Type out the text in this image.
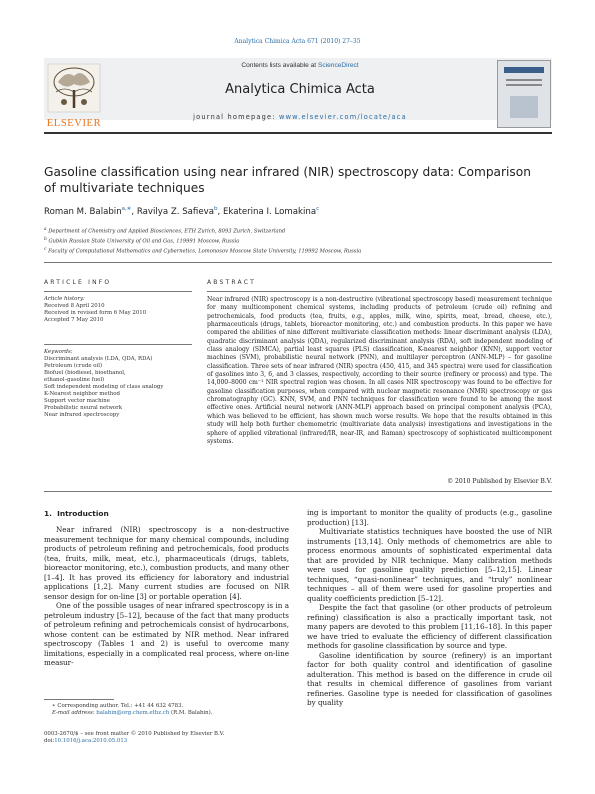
Analytica Chimica Acta 671 (2010) 27–35
ELSEVIER
Contents lists available at ScienceDirect
Analytica Chimica Acta
journal homepage: www.elsevier.com/locate/aca
Gasoline classification using near infrared (NIR) spectroscopy data: Comparison of multivariate techniques
Roman M. Balabin$^{a,∗}$, Ravilya Z. Safieva$^b$, Ekaterina I. Lomakina$^c$
$^a$ Department of Chemistry and Applied Biosciences, ETH Zurich, 8093 Zurich, Switzerland
$^b$ Gubkin Russian State University of Oil and Gas, 119991 Moscow, Russia
$^c$ Faculty of Computational Mathematics and Cybernetics, Lomonosov Moscow State University, 119992 Moscow, Russia
ARTICLE INFO
Article history:
Received 8 April 2010
Received in revised form 6 May 2010
Accepted 7 May 2010
Keywords:
Discriminant analysis (LDA, QDA, RDA)
Petroleum (crude oil)
Biofuel (biodiesel, bioethanol,
ethanol–gasoline fuel)
Soft independent modeling of class analogy
K-Nearest neighbor method
Support vector machine
Probabilistic neural network
Near infrared spectroscopy
ABSTRACT
Near infrared (NIR) spectroscopy is a non-destructive (vibrational spectroscopy based) measurement technique for many multicomponent chemical systems, including products of petroleum (crude oil) refining and petrochemicals, food products (tea, fruits, e.g., apples, milk, wine, spirits, meat, bread, cheese, etc.), pharmaceuticals (drugs, tablets, bioreactor monitoring, etc.) and combustion products. In this paper we have compared the abilities of nine different multivariate classification methods: linear discriminant analysis (LDA), quadratic discriminant analysis (QDA), regularized discriminant analysis (RDA), soft independent modeling of class analogy (SIMCA), partial least squares (PLS) classification, K-nearest neighbor (KNN), support vector machines (SVM), probabilistic neural network (PNN), and multilayer perceptron (ANN-MLP) – for gasoline classification. Three sets of near infrared (NIR) spectra (450, 415, and 345 spectra) were used for classification of gasolines into 3, 6, and 3 classes, respectively, according to their source (refinery or process) and type. The 14,000–8000 cm⁻¹ NIR spectral region was chosen. In all cases NIR spectroscopy was found to be effective for gasoline classification purposes, when compared with nuclear magnetic resonance (NMR) spectroscopy or gas chromatography (GC). KNN, SVM, and PNN techniques for classification were found to be among the most effective ones. Artificial neural network (ANN-MLP) approach based on principal component analysis (PCA), which was believed to be efficient, has shown much worse results. We hope that the results obtained in this study will help both further chemometric (multivariate data analysis) investigations and investigations in the sphere of applied vibrational (infrared/IR, near-IR, and Raman) spectroscopy of sophisticated multicomponent systems.
© 2010 Published by Elsevier B.V.
1.  Introduction

Near infrared (NIR) spectroscopy is a non-destructive measurement technique for many chemical compounds, including products of petroleum refining and petrochemicals, food products (tea, fruits, milk, meat, etc.), pharmaceuticals (drugs, tablets, bioreactor monitoring, etc.), combustion products, and many other [1–4]. It has proved its efficiency for laboratory and industrial applications [1,2]. Many current studies are focused on NIR sensor design for on-line [3] or portable operation [4].

One of the possible usages of near infrared spectroscopy is in a petroleum industry [5–12], because of the fact that many products of petroleum refining and petrochemicals consist of hydrocarbons, whose content can be estimated by NIR method. Near infrared spectroscopy (Tables 1 and 2) is useful to overcome many limitations, especially in a complicated real process, where on-line measur-

ing is important to monitor the quality of products (e.g., gasoline production) [13].

Multivariate statistics techniques have boosted the use of NIR instruments [13,14]. Only methods of chemometrics are able to process enormous amounts of sophisticated experimental data that are provided by NIR technique. Many calibration methods were used for gasoline quality prediction [5–12,15]. Linear techniques, “quasi-nonlinear” techniques, and “truly” nonlinear techniques – all of them were used for gasoline properties and quality coefficients prediction [5–12].

Despite the fact that gasoline (or other products of petroleum refining) classification is also a practically important task, not many papers are devoted to this problem [11,16–18]. In this paper we have tried to evaluate the efficiency of different classification methods for gasoline classification by source and type.

Gasoline identification by source (refinery) is an important factor for both quality control and identification of gasoline adulteration. This method is based on the difference in crude oil that results in chemical difference of gasolines from variant refineries. Gasoline type is needed for classification of gasolines by quality

∗ Corresponding author. Tel.: +41 44 632 4783.
E-mail address: balabin@org.chem.ethz.ch (R.M. Balabin).
0003-2670/$ – see front matter © 2010 Published by Elsevier B.V.
doi:10.1016/j.aca.2010.05.013
